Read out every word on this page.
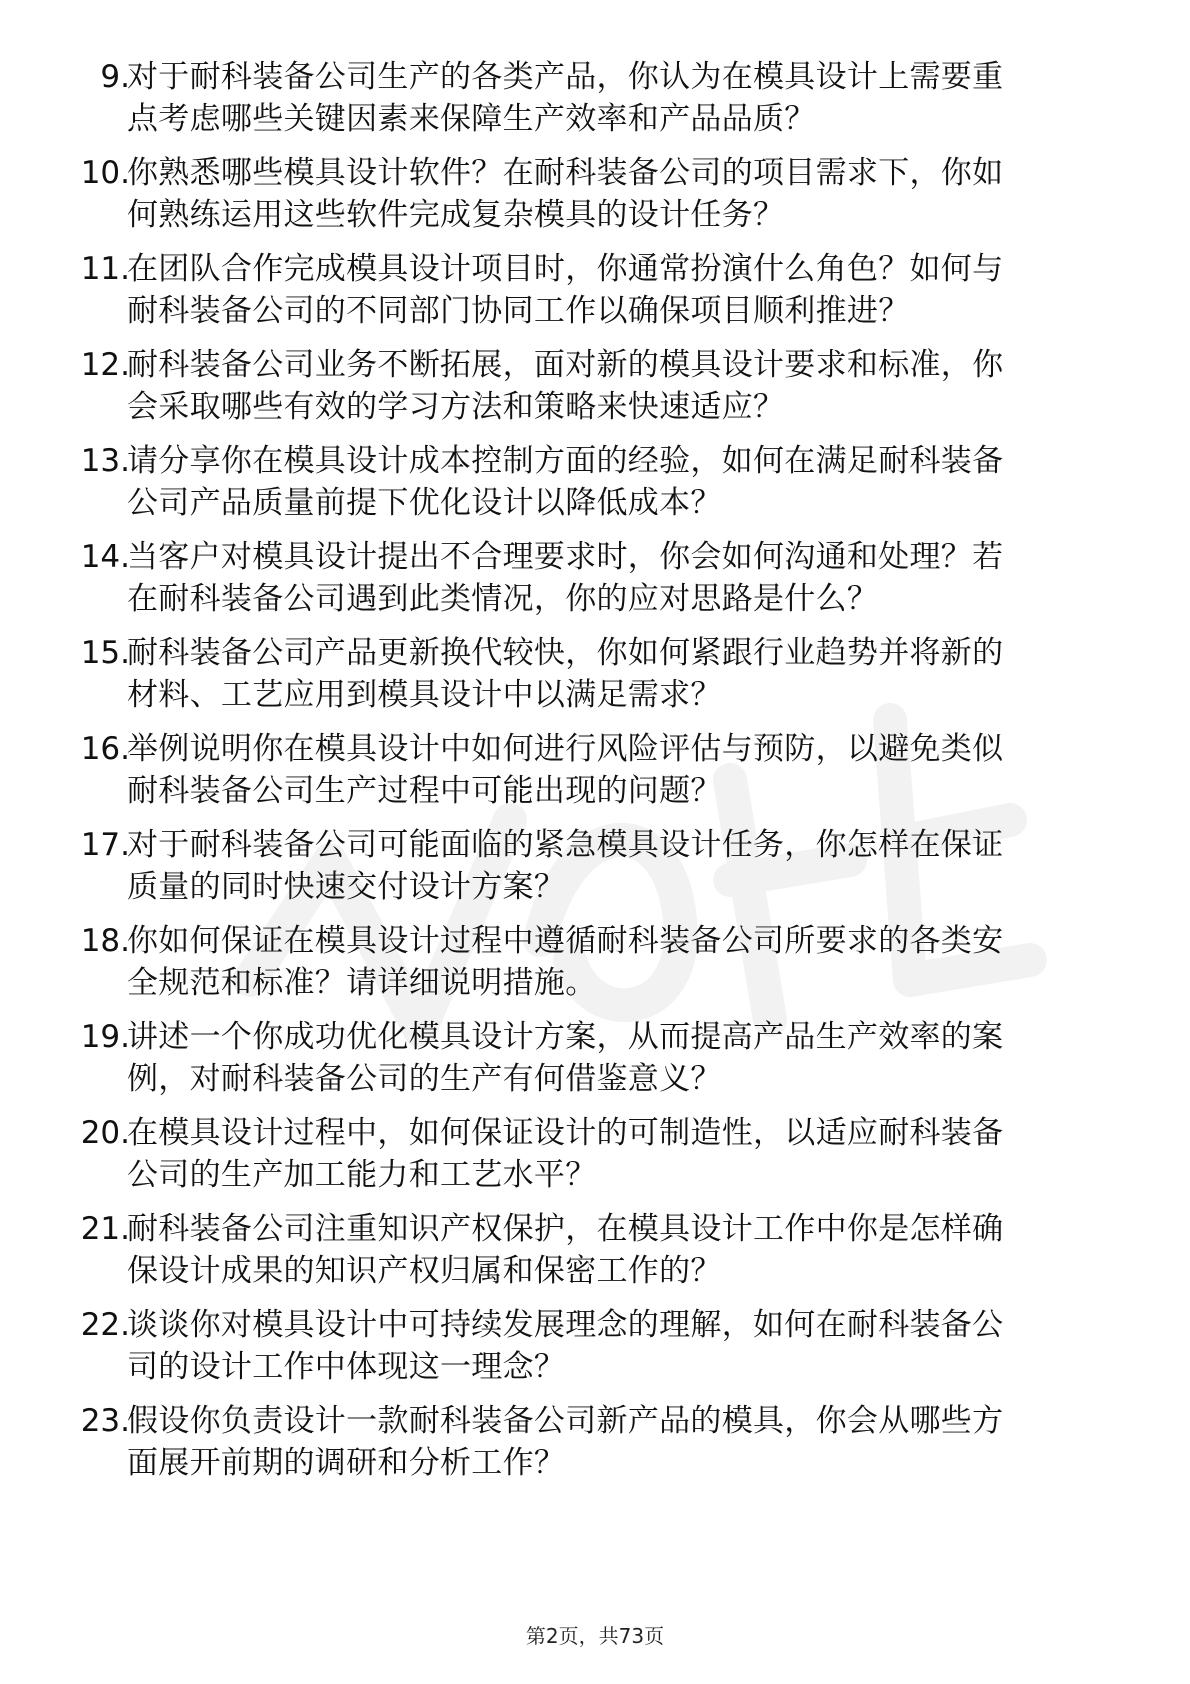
9.
对于耐科装备公司生产的各类产品，你认为在模具设计上需要重
点考虑哪些关键因素来保障生产效率和产品品质？
10.
你熟悉哪些模具设计软件？在耐科装备公司的项目需求下，你如
何熟练运用这些软件完成复杂模具的设计任务？
11.
在团队合作完成模具设计项目时，你通常扮演什么角色？如何与
耐科装备公司的不同部门协同工作以确保项目顺利推进？
12.
耐科装备公司业务不断拓展，面对新的模具设计要求和标准，你
会采取哪些有效的学习方法和策略来快速适应？
13.
请分享你在模具设计成本控制方面的经验，如何在满足耐科装备
公司产品质量前提下优化设计以降低成本？
14.
当客户对模具设计提出不合理要求时，你会如何沟通和处理？若
在耐科装备公司遇到此类情况，你的应对思路是什么？
15.
耐科装备公司产品更新换代较快，你如何紧跟行业趋势并将新的
材料、工艺应用到模具设计中以满足需求？
16.
举例说明你在模具设计中如何进行风险评估与预防，以避免类似
耐科装备公司生产过程中可能出现的问题？
17.
对于耐科装备公司可能面临的紧急模具设计任务，你怎样在保证
质量的同时快速交付设计方案？
18.
你如何保证在模具设计过程中遵循耐科装备公司所要求的各类安
全规范和标准？请详细说明措施。
19.
讲述一个你成功优化模具设计方案，从而提高产品生产效率的案
例，对耐科装备公司的生产有何借鉴意义？
20.
在模具设计过程中，如何保证设计的可制造性，以适应耐科装备
公司的生产加工能力和工艺水平？
21.
耐科装备公司注重知识产权保护，在模具设计工作中你是怎样确
保设计成果的知识产权归属和保密工作的？
22.
谈谈你对模具设计中可持续发展理念的理解，如何在耐科装备公
司的设计工作中体现这一理念？
23.
假设你负责设计一款耐科装备公司新产品的模具，你会从哪些方
面展开前期的调研和分析工作？
第2页，共73页
